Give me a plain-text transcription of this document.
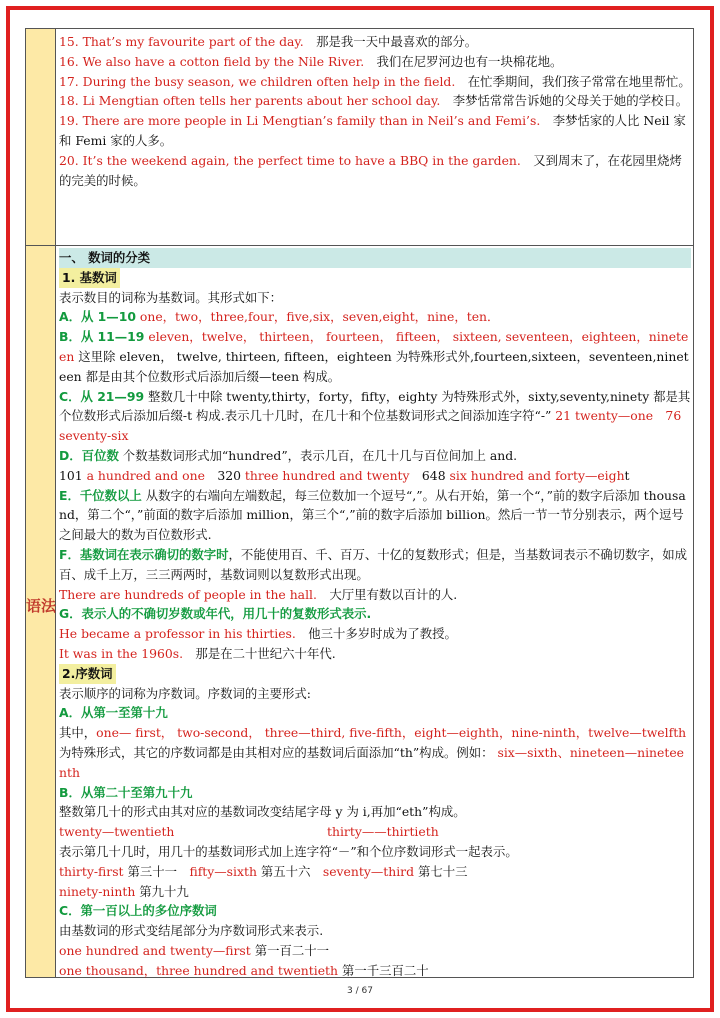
语法

15. That’s my favourite part of the day.　 那是我一天中最喜欢的部分。

16. We also have a cotton field by the Nile River.　 我们在尼罗河边也有一块棉花地。

17. During the busy season, we children often help in the field.　 在忙季期间，我们孩子常常在地里帮忙。

18. Li Mengtian often tells her parents about her school day.　 李梦恬常常告诉她的父母关于她的学校日。

19. There are more people in Li Mengtian’s family than in Neil’s and Femi’s.　 李梦恬家的人比 Neil 家和 Femi 家的人多。

20. It’s the weekend again, the perfect time to have a BBQ in the garden.　 又到周末了，在花园里烧烤的完美的时候。

一、 数词的分类

1. 基数词

表示数目的词称为基数词。其形式如下：

A．从 1—10 one，two，three,four，five,six，seven,eight，nine，ten．

B．从 11—19 eleven，twelve， thirteen， fourteen， fifteen， sixteen, seventeen，eighteen，nineteen 这里除 eleven， twelve, thirteen, fifteen，eighteen 为特殊形式外,fourteen,sixteen，seventeen,nineteen 都是由其个位数形式后添加后缀—teen 构成。

C．从 21—99 整数几十中除 twenty,thirty，forty，fifty，eighty 为特殊形式外，sixty,seventy,ninety 都是其个位数形式后添加后缀-t 构成.表示几十几时，在几十和个位基数词形式之间添加连字符“-” 21 twenty—one　76 seventy-six

D．百位数 个数基数词形式加“hundred”，表示几百，在几十几与百位间加上 and.

101 a hundred and one　320 three hundred and twenty　648 six hundred and forty—eight

E．千位数以上 从数字的右端向左端数起，每三位数加一个逗号“,”。从右开始，第一个“，”前的数字后添加 thousand，第二个“，”前面的数字后添加 million，第三个“,”前的数字后添加 billion。然后一节一节分别表示，两个逗号之间最大的数为百位数形式.

F．基数词在表示确切的数字时，不能使用百、千、百万、十亿的复数形式；但是，当基数词表示不确切数字，如成百、成千上万，三三两两时，基数词则以复数形式出现。

There are hundreds of people in the hall.　大厅里有数以百计的人.

G．表示人的不确切岁数或年代，用几十的复数形式表示.

He became a professor in his thirties.　 他三十多岁时成为了教授。

It was in the 1960s.　那是在二十世纪六十年代.

2.序数词

表示顺序的词称为序数词。序数词的主要形式:

A．从第一至第十九

其中，one— first， two-second， three—third, five-fifth，eight—eighth，nine-ninth，twelve—twelfth 为特殊形式，其它的序数词都是由其相对应的基数词后面添加“th”构成。例如： six—sixth、nineteen—nineteenth

B．从第二十至第九十九

整数第几十的形式由其对应的基数词改变结尾字母 y 为 i,再加“eth”构成。

twenty—twentieth	thirty——thirtieth

表示第几十几时，用几十的基数词形式加上连字符“－”和个位序数词形式一起表示。

thirty-first 第三十一　fifty—sixth 第五十六　seventy—third 第七十三

ninety-ninth 第九十九

C．第一百以上的多位序数词

由基数词的形式变结尾部分为序数词形式来表示.

one hundred and twenty—first 第一百二十一

one thousand，three hundred and twentieth 第一千三百二十

3 / 67
